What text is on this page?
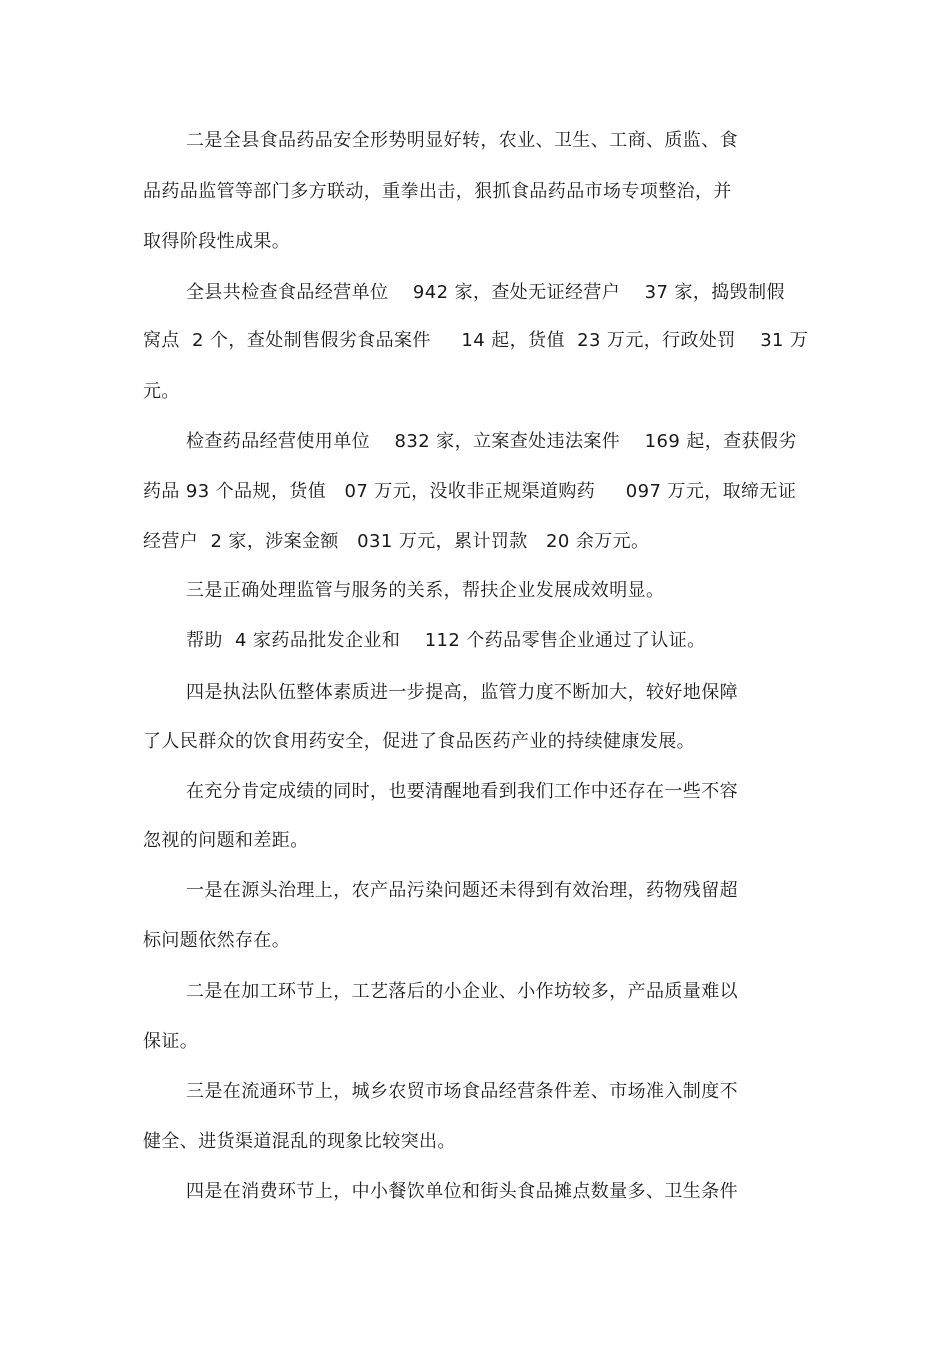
二是全县食品药品安全形势明显好转，农业、卫生、工商、质监、食
品药品监管等部门多方联动，重拳出击，狠抓食品药品市场专项整治，并
取得阶段性成果。
全县共检查食品经营单位    942 家，查处无证经营户    37 家，捣毁制假
窝点  2 个，查处制售假劣食品案件     14 起，货值  23 万元，行政处罚    31 万
元。
检查药品经营使用单位    832 家，立案查处违法案件    169 起，查获假劣
药品 93 个品规，货值   07 万元，没收非正规渠道购药     097 万元，取缔无证
经营户  2 家，涉案金额   031 万元，累计罚款   20 余万元。
三是正确处理监管与服务的关系，帮扶企业发展成效明显。
帮助  4 家药品批发企业和    112 个药品零售企业通过了认证。
四是执法队伍整体素质进一步提高，监管力度不断加大，较好地保障
了人民群众的饮食用药安全，促进了食品医药产业的持续健康发展。
在充分肯定成绩的同时，也要清醒地看到我们工作中还存在一些不容
忽视的问题和差距。
一是在源头治理上，农产品污染问题还未得到有效治理，药物残留超
标问题依然存在。
二是在加工环节上，工艺落后的小企业、小作坊较多，产品质量难以
保证。
三是在流通环节上，城乡农贸市场食品经营条件差、市场准入制度不
健全、进货渠道混乱的现象比较突出。
四是在消费环节上，中小餐饮单位和街头食品摊点数量多、卫生条件
